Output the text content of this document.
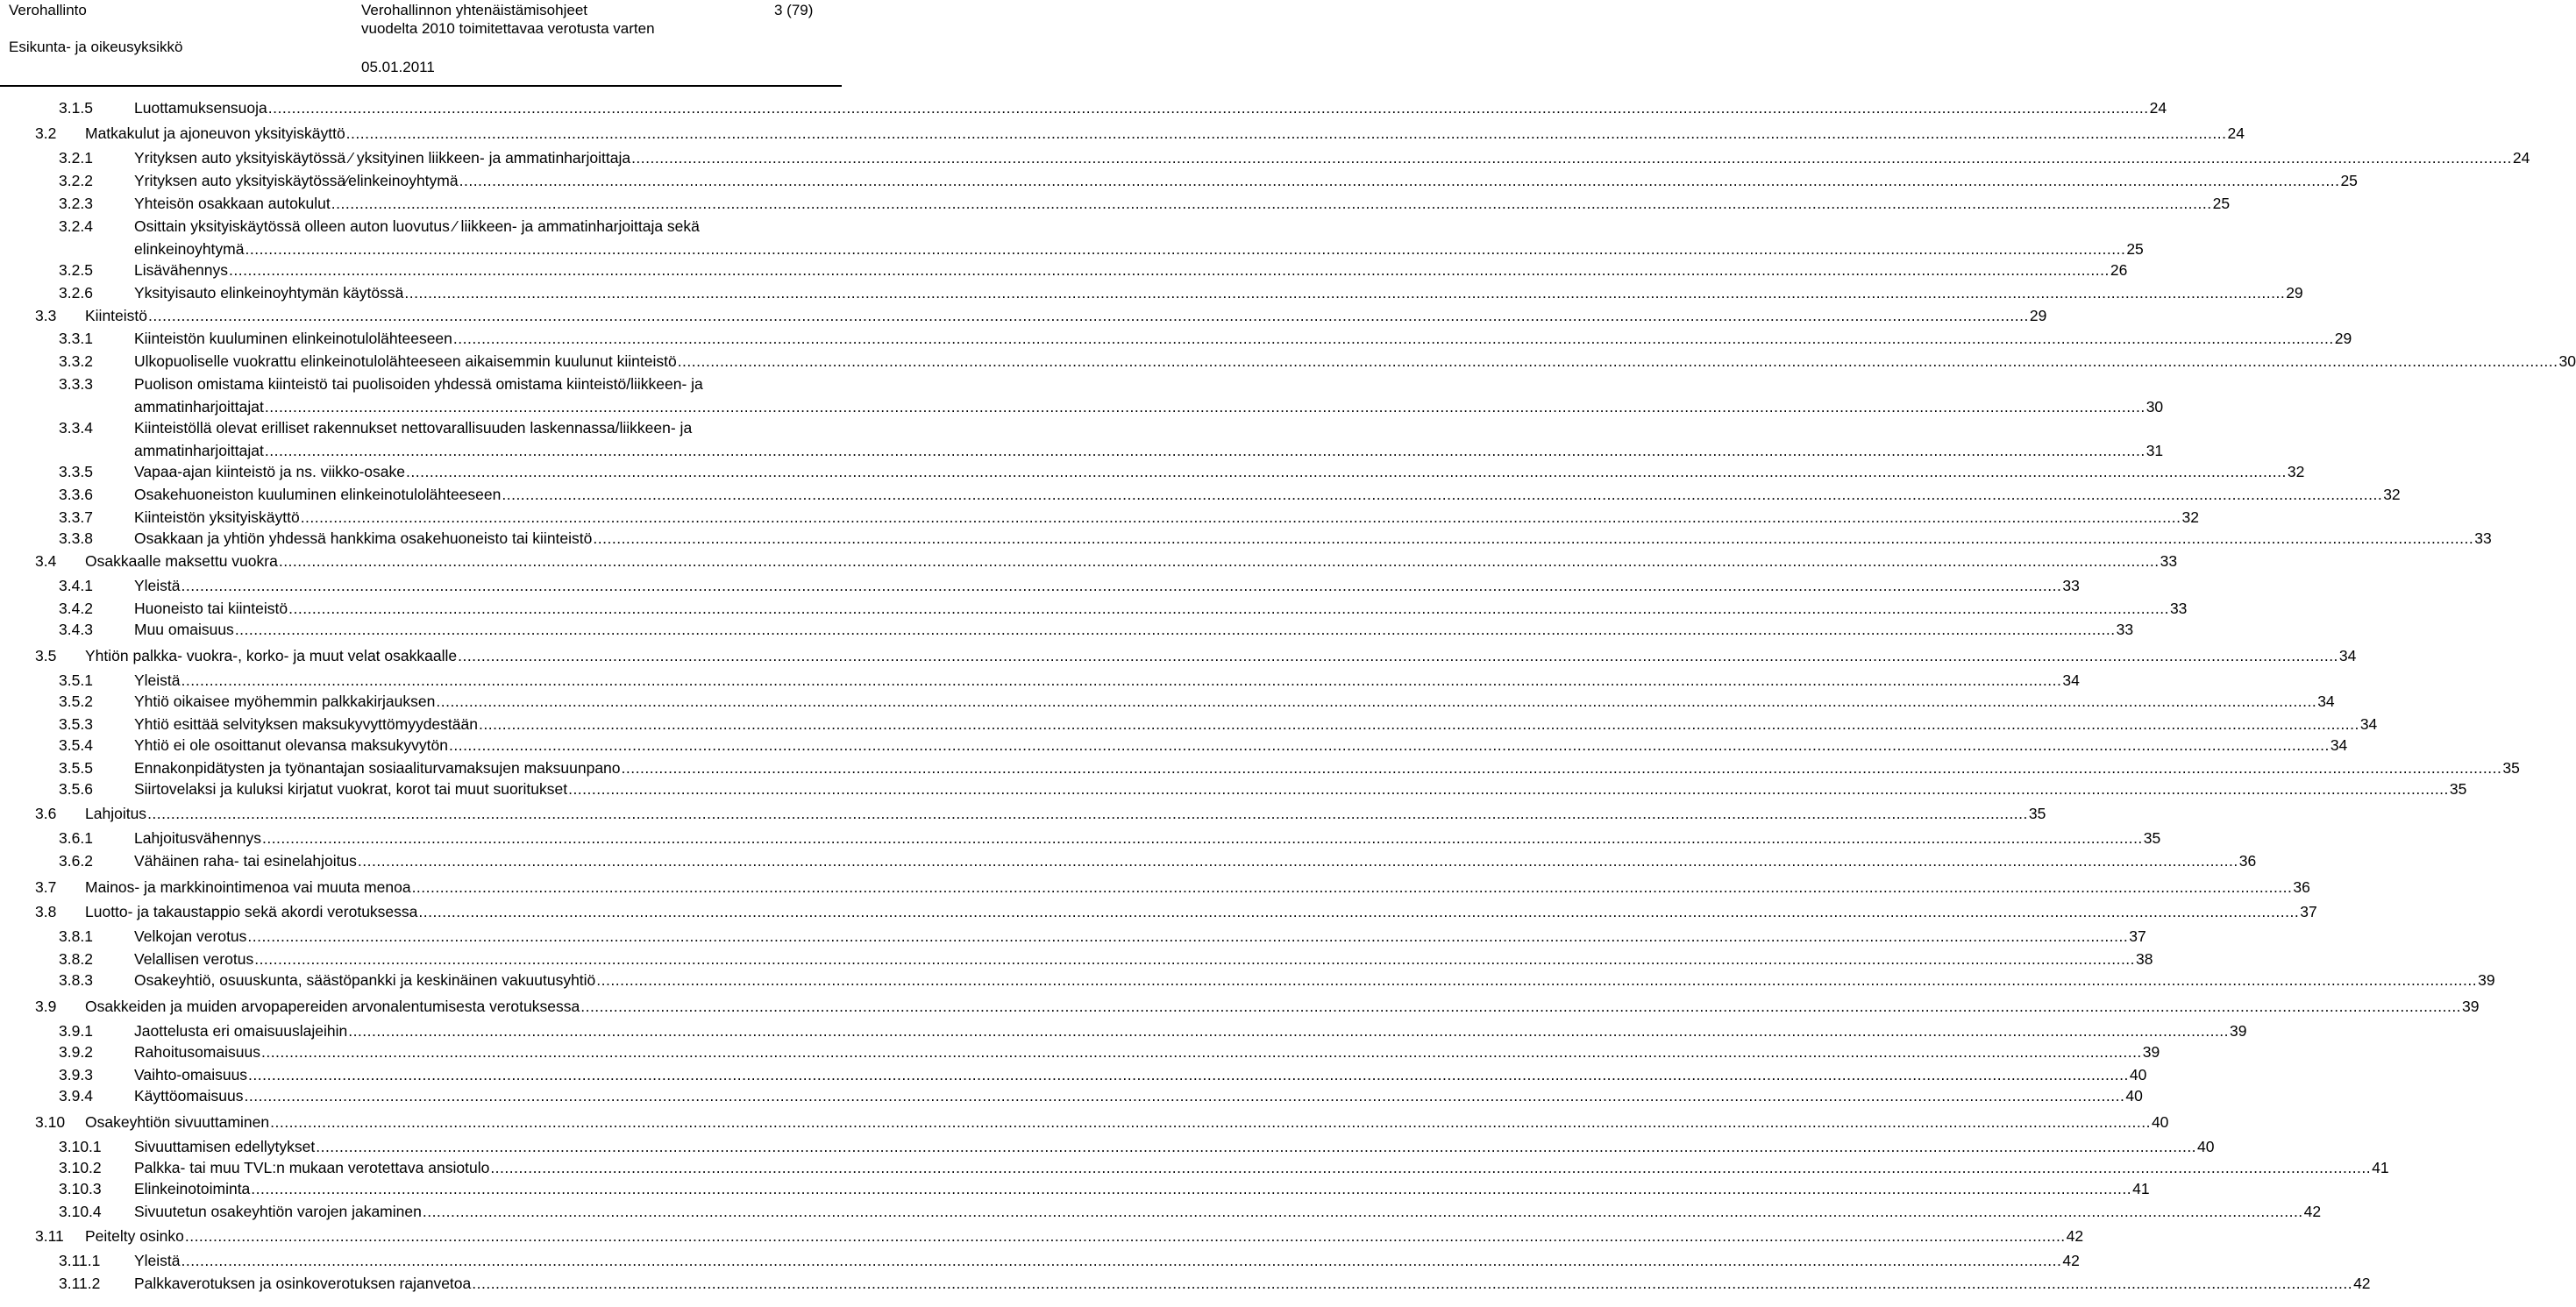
Verohallinto
Esikunta- ja oikeusyksikkö
Verohallinnon yhtenäistämisohjeet
vuodelta 2010 toimitettavaa verotusta varten
05.01.2011
3 (79)
3.1.5	Luottamuksensuoja ................................................................................................................................................................................................................................................................................................................................................................................................................ 24
3.2 Matkakulut ja ajoneuvon yksityiskäyttö ................................................................................................................................................................................................................................................................................................................................................................................................................ 24
3.2.1	Yrityksen auto yksityiskäytössä ⁄ yksityinen liikkeen- ja ammatinharjoittaja ................................................................................................................................................................................................................................................................................................................................................................................................................ 24
3.2.2	Yrityksen auto yksityiskäytössä⁄elinkeinoyhtymä ................................................................................................................................................................................................................................................................................................................................................................................................................ 25
3.2.3	Yhteisön osakkaan autokulut ................................................................................................................................................................................................................................................................................................................................................................................................................ 25
3.2.4	Osittain yksityiskäytössä olleen auton luovutus ⁄ liikkeen- ja ammatinharjoittaja sekä
elinkeinoyhtymä ................................................................................................................................................................................................................................................................................................................................................................................................................ 25
3.2.5	Lisävähennys ................................................................................................................................................................................................................................................................................................................................................................................................................ 26
3.2.6	Yksityisauto elinkeinoyhtymän käytössä ................................................................................................................................................................................................................................................................................................................................................................................................................ 29
3.3 Kiinteistö ................................................................................................................................................................................................................................................................................................................................................................................................................ 29
3.3.1	Kiinteistön kuuluminen elinkeinotulolähteeseen ................................................................................................................................................................................................................................................................................................................................................................................................................ 29
3.3.2	Ulkopuoliselle vuokrattu elinkeinotulolähteeseen aikaisemmin kuulunut kiinteistö ................................................................................................................................................................................................................................................................................................................................................................................................................ 30
3.3.3	Puolison omistama kiinteistö tai puolisoiden yhdessä omistama kiinteistö/liikkeen- ja
ammatinharjoittajat ................................................................................................................................................................................................................................................................................................................................................................................................................ 30
3.3.4	Kiinteistöllä olevat erilliset rakennukset nettovarallisuuden laskennassa/liikkeen- ja
ammatinharjoittajat ................................................................................................................................................................................................................................................................................................................................................................................................................ 31
3.3.5	Vapaa-ajan kiinteistö ja ns. viikko-osake ................................................................................................................................................................................................................................................................................................................................................................................................................ 32
3.3.6	Osakehuoneiston kuuluminen elinkeinotulolähteeseen ................................................................................................................................................................................................................................................................................................................................................................................................................ 32
3.3.7	Kiinteistön yksityiskäyttö ................................................................................................................................................................................................................................................................................................................................................................................................................ 32
3.3.8	Osakkaan ja yhtiön yhdessä hankkima osakehuoneisto tai kiinteistö ................................................................................................................................................................................................................................................................................................................................................................................................................ 33
3.4 Osakkaalle maksettu vuokra ................................................................................................................................................................................................................................................................................................................................................................................................................ 33
3.4.1	Yleistä ................................................................................................................................................................................................................................................................................................................................................................................................................ 33
3.4.2	Huoneisto tai kiinteistö ................................................................................................................................................................................................................................................................................................................................................................................................................ 33
3.4.3	Muu omaisuus ................................................................................................................................................................................................................................................................................................................................................................................................................ 33
3.5 Yhtiön palkka- vuokra-, korko- ja muut velat osakkaalle ................................................................................................................................................................................................................................................................................................................................................................................................................ 34
3.5.1	Yleistä ................................................................................................................................................................................................................................................................................................................................................................................................................ 34
3.5.2	Yhtiö oikaisee myöhemmin palkkakirjauksen ................................................................................................................................................................................................................................................................................................................................................................................................................ 34
3.5.3	Yhtiö esittää selvityksen maksukyvyttömyydestään ................................................................................................................................................................................................................................................................................................................................................................................................................ 34
3.5.4	Yhtiö ei ole osoittanut olevansa maksukyvytön ................................................................................................................................................................................................................................................................................................................................................................................................................ 34
3.5.5	Ennakonpidätysten ja työnantajan sosiaaliturvamaksujen maksuunpano ................................................................................................................................................................................................................................................................................................................................................................................................................ 35
3.5.6	Siirtovelaksi ja kuluksi kirjatut vuokrat, korot tai muut suoritukset ................................................................................................................................................................................................................................................................................................................................................................................................................ 35
3.6 Lahjoitus ................................................................................................................................................................................................................................................................................................................................................................................................................ 35
3.6.1	Lahjoitusvähennys ................................................................................................................................................................................................................................................................................................................................................................................................................ 35
3.6.2	Vähäinen raha- tai esinelahjoitus ................................................................................................................................................................................................................................................................................................................................................................................................................ 36
3.7 Mainos- ja markkinointimenoa vai muuta menoa ................................................................................................................................................................................................................................................................................................................................................................................................................ 36
3.8 Luotto- ja takaustappio sekä akordi verotuksessa ................................................................................................................................................................................................................................................................................................................................................................................................................ 37
3.8.1	Velkojan verotus ................................................................................................................................................................................................................................................................................................................................................................................................................ 37
3.8.2	Velallisen verotus ................................................................................................................................................................................................................................................................................................................................................................................................................ 38
3.8.3	Osakeyhtiö, osuuskunta, säästöpankki ja keskinäinen vakuutusyhtiö ................................................................................................................................................................................................................................................................................................................................................................................................................ 39
3.9 Osakkeiden ja muiden arvopapereiden arvonalentumisesta verotuksessa ................................................................................................................................................................................................................................................................................................................................................................................................................ 39
3.9.1	Jaottelusta eri omaisuuslajeihin ................................................................................................................................................................................................................................................................................................................................................................................................................ 39
3.9.2	Rahoitusomaisuus ................................................................................................................................................................................................................................................................................................................................................................................................................ 39
3.9.3	Vaihto-omaisuus ................................................................................................................................................................................................................................................................................................................................................................................................................ 40
3.9.4	Käyttöomaisuus ................................................................................................................................................................................................................................................................................................................................................................................................................ 40
3.10 Osakeyhtiön sivuuttaminen ................................................................................................................................................................................................................................................................................................................................................................................................................ 40
3.10.1 Sivuuttamisen edellytykset ................................................................................................................................................................................................................................................................................................................................................................................................................ 40
3.10.2 Palkka- tai muu TVL:n mukaan verotettava ansiotulo ................................................................................................................................................................................................................................................................................................................................................................................................................ 41
3.10.3 Elinkeinotoiminta ................................................................................................................................................................................................................................................................................................................................................................................................................ 41
3.10.4 Sivuutetun osakeyhtiön varojen jakaminen ................................................................................................................................................................................................................................................................................................................................................................................................................ 42
3.11 Peitelty osinko ................................................................................................................................................................................................................................................................................................................................................................................................................ 42
3.11.1 Yleistä ................................................................................................................................................................................................................................................................................................................................................................................................................ 42
3.11.2 Palkkaverotuksen ja osinkoverotuksen rajanvetoa ................................................................................................................................................................................................................................................................................................................................................................................................................ 42
